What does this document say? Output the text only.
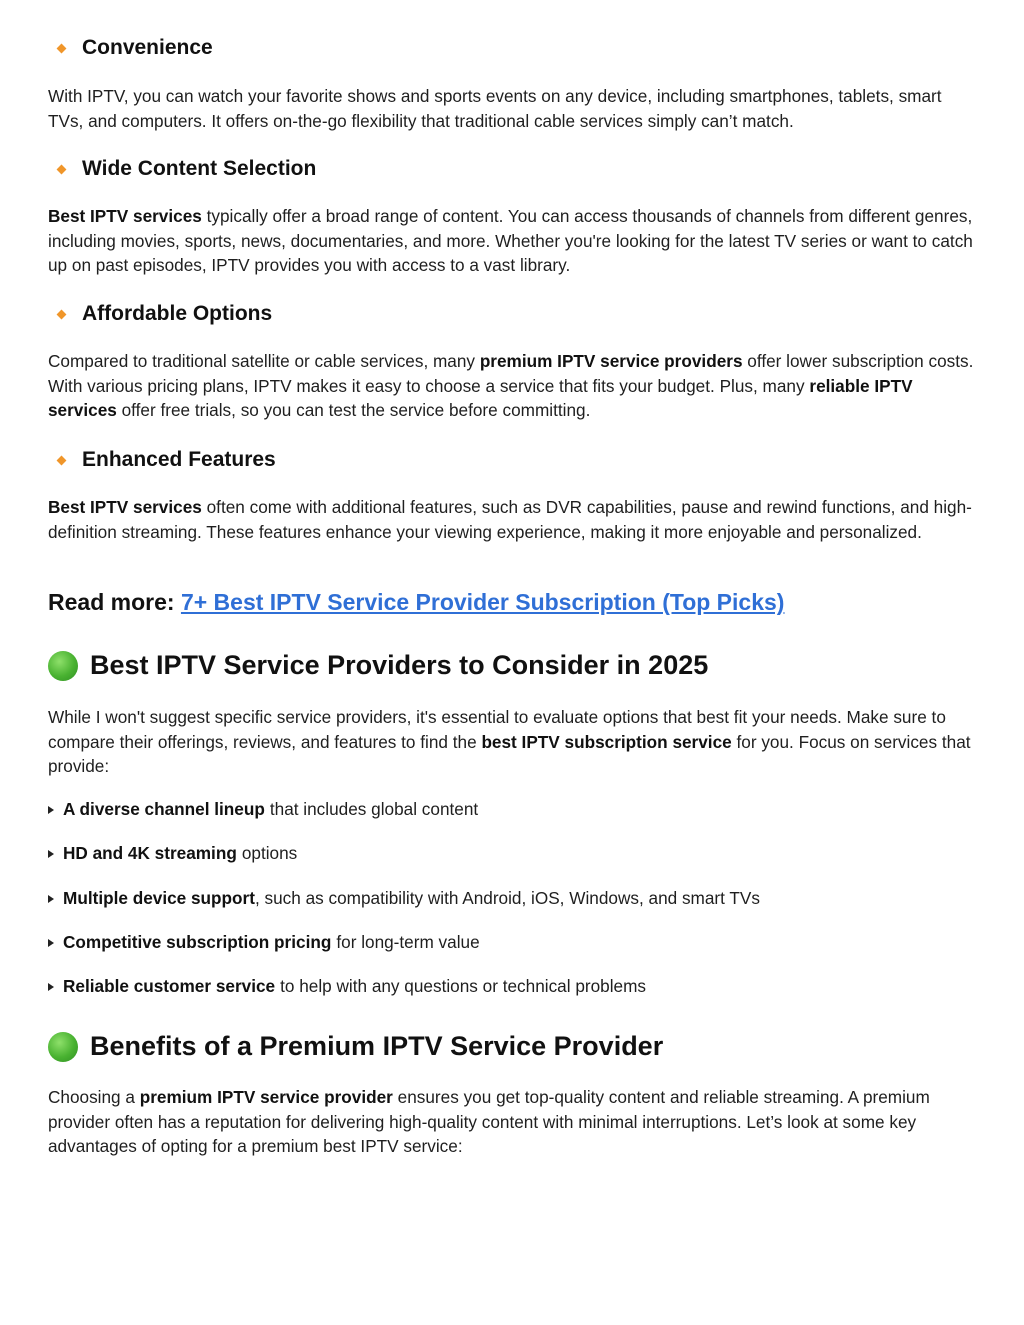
Convenience

With IPTV, you can watch your favorite shows and sports events on any device, including smartphones, tablets, smart TVs, and computers. It offers on-the-go flexibility that traditional cable services simply can’t match.

Wide Content Selection

Best IPTV services typically offer a broad range of content. You can access thousands of channels from different genres, including movies, sports, news, documentaries, and more. Whether you're looking for the latest TV series or want to catch up on past episodes, IPTV provides you with access to a vast library.

Affordable Options

Compared to traditional satellite or cable services, many premium IPTV service providers offer lower subscription costs. With various pricing plans, IPTV makes it easy to choose a service that fits your budget. Plus, many reliable IPTV services offer free trials, so you can test the service before committing.

Enhanced Features

Best IPTV services often come with additional features, such as DVR capabilities, pause and rewind functions, and high-definition streaming. These features enhance your viewing experience, making it more enjoyable and personalized.

Read more: 7+ Best IPTV Service Provider Subscription (Top Picks)
Best IPTV Service Providers to Consider in 2025

While I won't suggest specific service providers, it's essential to evaluate options that best fit your needs. Make sure to compare their offerings, reviews, and features to find the best IPTV subscription service for you. Focus on services that provide:

A diverse channel lineup that includes global content
HD and 4K streaming options
Multiple device support , such as compatibility with Android, iOS, Windows, and smart TVs
Competitive subscription pricing for long-term value
Reliable customer service to help with any questions or technical problems
Benefits of a Premium IPTV Service Provider

Choosing a premium IPTV service provider ensures you get top-quality content and reliable streaming. A premium provider often has a reputation for delivering high-quality content with minimal interruptions. Let’s look at some key advantages of opting for a premium best IPTV service:
